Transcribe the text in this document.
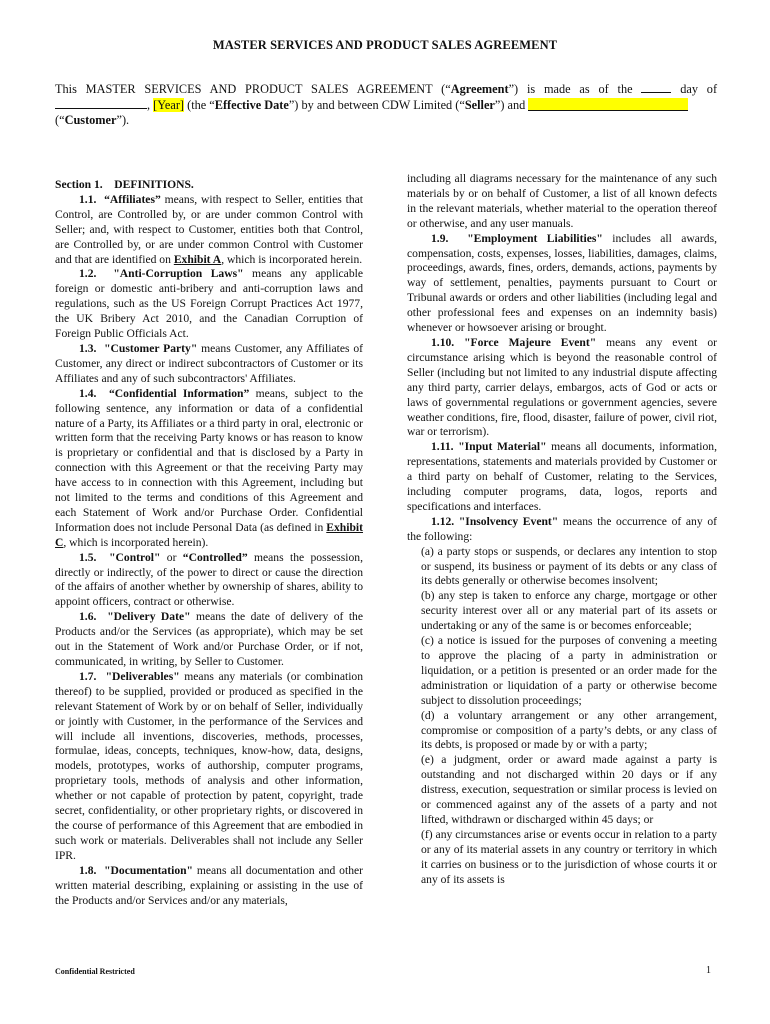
MASTER SERVICES AND PRODUCT SALES AGREEMENT
This MASTER SERVICES AND PRODUCT SALES AGREEMENT (“Agreement”) is made as of the	day of , [Year] (the “Effective Date”) by and between CDW Limited (“Seller”) and
(“Customer”).

Section 1. DEFINITIONS.

1.1. “Affiliates” means, with respect to Seller, entities that Control, are Controlled by, or are under common Control with Seller; and, with respect to Customer, entities both that Control, are Controlled by, or are under common Control with Customer and that are identified on Exhibit A, which is incorporated herein.

1.2. "Anti-Corruption Laws" means any applicable foreign or domestic anti-bribery and anti-corruption laws and regulations, such as the US Foreign Corrupt Practices Act 1977, the UK Bribery Act 2010, and the Canadian Corruption of Foreign Public Officials Act.

1.3. "Customer Party" means Customer, any Affiliates of Customer, any direct or indirect subcontractors of Customer or its Affiliates and any of such subcontractors' Affiliates.

1.4. “Confidential Information” means, subject to the following sentence, any information or data of a confidential nature of a Party, its Affiliates or a third party in oral, electronic or written form that the receiving Party knows or has reason to know is proprietary or confidential and that is disclosed by a Party in connection with this Agreement or that the receiving Party may have access to in connection with this Agreement, including but not limited to the terms and conditions of this Agreement and each Statement of Work and/or Purchase Order. Confidential Information does not include Personal Data (as defined in Exhibit C, which is incorporated herein).

1.5. "Control" or “Controlled” means the possession, directly or indirectly, of the power to direct or cause the direction of the affairs of another whether by ownership of shares, ability to appoint officers, contract or otherwise.

1.6. "Delivery Date" means the date of delivery of the Products and/or the Services (as appropriate), which may be set out in the Statement of Work and/or Purchase Order, or if not, communicated, in writing, by Seller to Customer.

1.7. "Deliverables" means any materials (or combination thereof) to be supplied, provided or produced as specified in the relevant Statement of Work by or on behalf of Seller, individually or jointly with Customer, in the performance of the Services and will include all inventions, discoveries, methods, processes, formulae, ideas, concepts, techniques, know-how, data, designs, models, prototypes, works of authorship, computer programs, proprietary tools, methods of analysis and other information, whether or not capable of protection by patent, copyright, trade secret, confidentiality, or other proprietary rights, or discovered in the course of performance of this Agreement that are embodied in such work or materials. Deliverables shall not include any Seller IPR.

1.8. "Documentation" means all documentation and other written material describing, explaining or assisting in the use of the Products and/or Services and/or any materials,

including all diagrams necessary for the maintenance of any such materials by or on behalf of Customer, a list of all known defects in the relevant materials, whether material to the operation thereof or otherwise, and any user manuals.

1.9. "Employment Liabilities" includes all awards, compensation, costs, expenses, losses, liabilities, damages, claims, proceedings, awards, fines, orders, demands, actions, payments by way of settlement, penalties, payments pursuant to Court or Tribunal awards or orders and other liabilities (including legal and other professional fees and expenses on an indemnity basis) whenever or howsoever arising or brought.

1.10. "Force Majeure Event" means any event or circumstance arising which is beyond the reasonable control of Seller (including but not limited to any industrial dispute affecting any third party, carrier delays, embargos, acts of God or acts or laws of governmental regulations or government agencies, severe weather conditions, fire, flood, disaster, failure of power, civil riot, war or terrorism).

1.11. "Input Material" means all documents, information, representations, statements and materials provided by Customer or a third party on behalf of Customer, relating to the Services, including computer programs, data, logos, reports and specifications and interfaces.

1.12. "Insolvency Event" means the occurrence of any of the following:

(a) a party stops or suspends, or declares any intention to stop or suspend, its business or payment of its debts or any class of its debts generally or otherwise becomes insolvent;

(b) any step is taken to enforce any charge, mortgage or other security interest over all or any material part of its assets or undertaking or any of the same is or becomes enforceable;

(c) a notice is issued for the purposes of convening a meeting to approve the placing of a party in administration or liquidation, or a petition is presented or an order made for the administration or liquidation of a party or otherwise become subject to dissolution proceedings;

(d) a voluntary arrangement or any other arrangement, compromise or composition of a party’s debts, or any class of its debts, is proposed or made by or with a party;

(e) a judgment, order or award made against a party is outstanding and not discharged within 20 days or if any distress, execution, sequestration or similar process is levied on or commenced against any of the assets of a party and not lifted, withdrawn or discharged within 45 days; or

(f) any circumstances arise or events occur in relation to a party or any of its material assets in any country or territory in which it carries on business or to the jurisdiction of whose courts it or any of its assets is

Confidential Restricted	1
